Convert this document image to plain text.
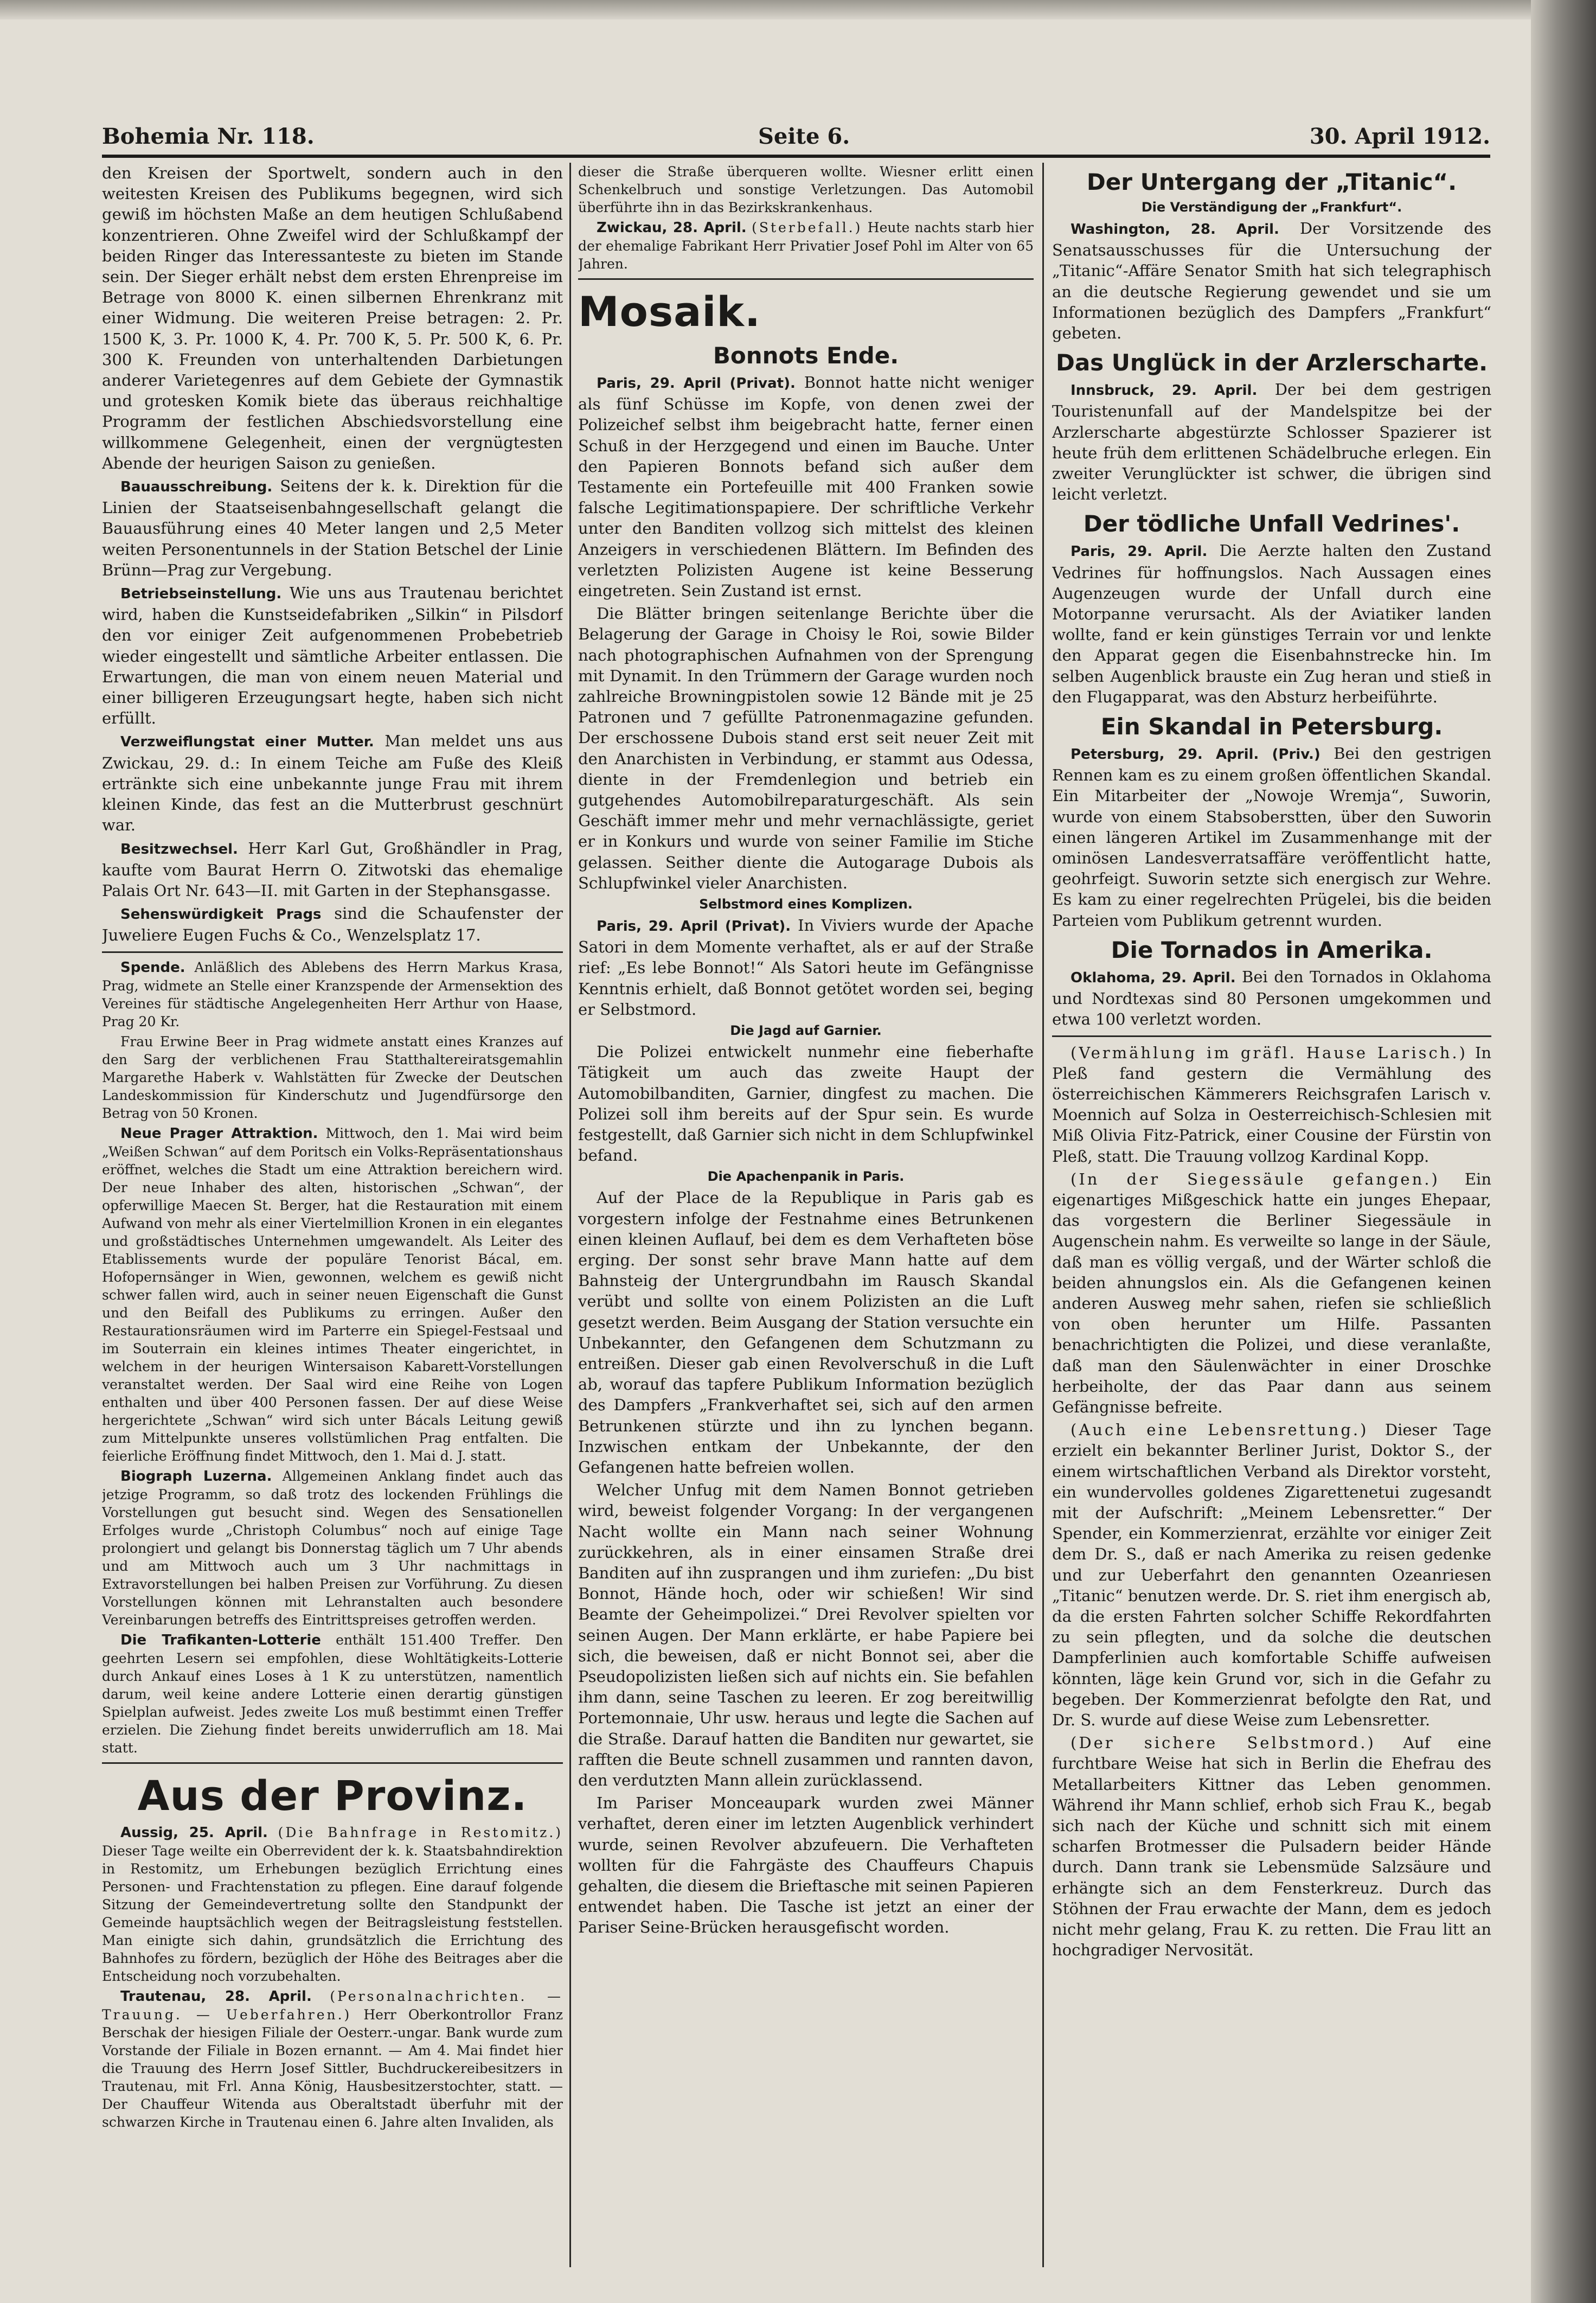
Bohemia Nr. 118.	Seite 6.	30. April 1912.

den Kreisen der Sportwelt, sondern auch in den weitesten Kreisen des Publikums begegnen, wird sich gewiß im höchsten Maße an dem heutigen Schlußabend konzentrieren. Ohne Zweifel wird der Schlußkampf der beiden Ringer das Interessanteste zu bieten im Stande sein. Der Sieger erhält nebst dem ersten Ehrenpreise im Betrage von 8000 K. einen silbernen Ehrenkranz mit einer Widmung. Die weiteren Preise betragen: 2. Pr. 1500 K, 3. Pr. 1000 K, 4. Pr. 700 K, 5. Pr. 500 K, 6. Pr. 300 K. Freunden von unterhaltenden Darbietungen anderer Varietegenres auf dem Gebiete der Gymnastik und grotesken Komik biete das überaus reichhaltige Programm der festlichen Abschiedsvorstellung eine willkommene Gelegenheit, einen der vergnügtesten Abende der heurigen Saison zu genießen.

Bauausschreibung. Seitens der k. k. Direktion für die Linien der Staatseisenbahngesellschaft gelangt die Bauausführung eines 40 Meter langen und 2,5 Meter weiten Personentunnels in der Station Betschel der Linie Brünn—Prag zur Vergebung.

Betriebseinstellung. Wie uns aus Trautenau berichtet wird, haben die Kunstseidefabriken „Silkin“ in Pilsdorf den vor einiger Zeit aufgenommenen Probebetrieb wieder eingestellt und sämtliche Arbeiter entlassen. Die Erwartungen, die man von einem neuen Material und einer billigeren Erzeugungsart hegte, haben sich nicht erfüllt.

Verzweiflungstat einer Mutter. Man meldet uns aus Zwickau, 29. d.: In einem Teiche am Fuße des Kleiß ertränkte sich eine unbekannte junge Frau mit ihrem kleinen Kinde, das fest an die Mutterbrust geschnürt war.

Besitzwechsel. Herr Karl Gut, Großhändler in Prag, kaufte vom Baurat Herrn O. Zitwotski das ehemalige Palais Ort Nr. 643—II. mit Garten in der Stephansgasse.

Sehenswürdigkeit Prags sind die Schaufenster der Juweliere Eugen Fuchs & Co., Wenzelsplatz 17.

Spende. Anläßlich des Ablebens des Herrn Markus Krasa, Prag, widmete an Stelle einer Kranzspende der Armensektion des Vereines für städtische Angelegenheiten Herr Arthur von Haase, Prag 20 Kr.

Frau Erwine Beer in Prag widmete anstatt eines Kranzes auf den Sarg der verblichenen Frau Statthaltereiratsgemahlin Margarethe Haberk v. Wahlstätten für Zwecke der Deutschen Landeskommission für Kinderschutz und Jugendfürsorge den Betrag von 50 Kronen.

Neue Prager Attraktion. Mittwoch, den 1. Mai wird beim „Weißen Schwan“ auf dem Poritsch ein Volks-Repräsentationshaus eröffnet, welches die Stadt um eine Attraktion bereichern wird. Der neue Inhaber des alten, historischen „Schwan“, der opferwillige Maecen St. Berger, hat die Restauration mit einem Aufwand von mehr als einer Viertelmillion Kronen in ein elegantes und großstädtisches Unternehmen umgewandelt. Als Leiter des Etablissements wurde der populäre Tenorist Bácal, em. Hofopernsänger in Wien, gewonnen, welchem es gewiß nicht schwer fallen wird, auch in seiner neuen Eigenschaft die Gunst und den Beifall des Publikums zu erringen. Außer den Restaurationsräumen wird im Parterre ein Spiegel-Festsaal und im Souterrain ein kleines intimes Theater eingerichtet, in welchem in der heurigen Wintersaison Kabarett-Vorstellungen veranstaltet werden. Der Saal wird eine Reihe von Logen enthalten und über 400 Personen fassen. Der auf diese Weise hergerichtete „Schwan“ wird sich unter Bácals Leitung gewiß zum Mittelpunkte unseres vollstümlichen Prag entfalten. Die feierliche Eröffnung findet Mittwoch, den 1. Mai d. J. statt.

Biograph Luzerna. Allgemeinen Anklang findet auch das jetzige Programm, so daß trotz des lockenden Frühlings die Vorstellungen gut besucht sind. Wegen des Sensationellen Erfolges wurde „Christoph Columbus“ noch auf einige Tage prolongiert und gelangt bis Donnerstag täglich um 7 Uhr abends und am Mittwoch auch um 3 Uhr nachmittags in Extravorstellungen bei halben Preisen zur Vorführung. Zu diesen Vorstellungen können mit Lehranstalten auch besondere Vereinbarungen betreffs des Eintrittspreises getroffen werden.

Die Trafikanten-Lotterie enthält 151.400 Treffer. Den geehrten Lesern sei empfohlen, diese Wohltätigkeits-Lotterie durch Ankauf eines Loses à 1 K zu unterstützen, namentlich darum, weil keine andere Lotterie einen derartig günstigen Spielplan aufweist. Jedes zweite Los muß bestimmt einen Treffer erzielen. Die Ziehung findet bereits unwiderruflich am 18. Mai statt.

Aus der Provinz.

Aussig, 25. April. (Die Bahnfrage in Restomitz.) Dieser Tage weilte ein Oberrevident der k. k. Staatsbahndirektion in Restomitz, um Erhebungen bezüglich Errichtung eines Personen- und Frachtenstation zu pflegen. Eine darauf folgende Sitzung der Gemeindevertretung sollte den Standpunkt der Gemeinde hauptsächlich wegen der Beitragsleistung feststellen. Man einigte sich dahin, grundsätzlich die Errichtung des Bahnhofes zu fördern, bezüglich der Höhe des Beitrages aber die Entscheidung noch vorzubehalten.

Trautenau, 28. April. (Personalnachrichten. — Trauung. — Ueberfahren.) Herr Oberkontrollor Franz Berschak der hiesigen Filiale der Oesterr.-ungar. Bank wurde zum Vorstande der Filiale in Bozen ernannt. — Am 4. Mai findet hier die Trauung des Herrn Josef Sittler, Buchdruckereibesitzers in Trautenau, mit Frl. Anna König, Hausbesitzerstochter, statt. — Der Chauffeur Witenda aus Oberaltstadt überfuhr mit der schwarzen Kirche in Trautenau einen 6. Jahre alten Invaliden, als

dieser die Straße überqueren wollte. Wiesner erlitt einen Schenkelbruch und sonstige Verletzungen. Das Automobil überführte ihn in das Bezirkskrankenhaus.

Zwickau, 28. April. (Sterbefall.) Heute nachts starb hier der ehemalige Fabrikant Herr Privatier Josef Pohl im Alter von 65 Jahren.

Mosaik.
Bonnots Ende.

Paris, 29. April (Privat). Bonnot hatte nicht weniger als fünf Schüsse im Kopfe, von denen zwei der Polizeichef selbst ihm beigebracht hatte, ferner einen Schuß in der Herzgegend und einen im Bauche. Unter den Papieren Bonnots befand sich außer dem Testamente ein Portefeuille mit 400 Franken sowie falsche Legitimationspapiere. Der schriftliche Verkehr unter den Banditen vollzog sich mittelst des kleinen Anzeigers in verschiedenen Blättern. Im Befinden des verletzten Polizisten Augene ist keine Besserung eingetreten. Sein Zustand ist ernst.

Die Blätter bringen seitenlange Berichte über die Belagerung der Garage in Choisy le Roi, sowie Bilder nach photographischen Aufnahmen von der Sprengung mit Dynamit. In den Trümmern der Garage wurden noch zahlreiche Browningpistolen sowie 12 Bände mit je 25 Patronen und 7 gefüllte Patronenmagazine gefunden. Der erschossene Dubois stand erst seit neuer Zeit mit den Anarchisten in Verbindung, er stammt aus Odessa, diente in der Fremdenlegion und betrieb ein gutgehendes Automobilreparaturgeschäft. Als sein Geschäft immer mehr und mehr vernachlässigte, geriet er in Konkurs und wurde von seiner Familie im Stiche gelassen. Seither diente die Autogarage Dubois als Schlupfwinkel vieler Anarchisten.

Selbstmord eines Komplizen.

Paris, 29. April (Privat). In Viviers wurde der Apache Satori in dem Momente verhaftet, als er auf der Straße rief: „Es lebe Bonnot!“ Als Satori heute im Gefängnisse Kenntnis erhielt, daß Bonnot getötet worden sei, beging er Selbstmord.

Die Jagd auf Garnier.

Die Polizei entwickelt nunmehr eine fieberhafte Tätigkeit um auch das zweite Haupt der Automobilbanditen, Garnier, dingfest zu machen. Die Polizei soll ihm bereits auf der Spur sein. Es wurde festgestellt, daß Garnier sich nicht in dem Schlupfwinkel befand.

Die Apachenpanik in Paris.

Auf der Place de la Republique in Paris gab es vorgestern infolge der Festnahme eines Betrunkenen einen kleinen Auflauf, bei dem es dem Verhafteten böse erging. Der sonst sehr brave Mann hatte auf dem Bahnsteig der Untergrundbahn im Rausch Skandal verübt und sollte von einem Polizisten an die Luft gesetzt werden. Beim Ausgang der Station versuchte ein Unbekannter, den Gefangenen dem Schutzmann zu entreißen. Dieser gab einen Revolverschuß in die Luft ab, worauf das tapfere Publikum Information bezüglich des Dampfers „Frankverhaftet sei, sich auf den armen Betrunkenen stürzte und ihn zu lynchen begann. Inzwischen entkam der Unbekannte, der den Gefangenen hatte befreien wollen.

Welcher Unfug mit dem Namen Bonnot getrieben wird, beweist folgender Vorgang: In der vergangenen Nacht wollte ein Mann nach seiner Wohnung zurückkehren, als in einer einsamen Straße drei Banditen auf ihn zusprangen und ihm zuriefen: „Du bist Bonnot, Hände hoch, oder wir schießen! Wir sind Beamte der Geheimpolizei.“ Drei Revolver spielten vor seinen Augen. Der Mann erklärte, er habe Papiere bei sich, die beweisen, daß er nicht Bonnot sei, aber die Pseudopolizisten ließen sich auf nichts ein. Sie befahlen ihm dann, seine Taschen zu leeren. Er zog bereitwillig Portemonnaie, Uhr usw. heraus und legte die Sachen auf die Straße. Darauf hatten die Banditen nur gewartet, sie rafften die Beute schnell zusammen und rannten davon, den verdutzten Mann allein zurücklassend.

Im Pariser Monceaupark wurden zwei Männer verhaftet, deren einer im letzten Augenblick verhindert wurde, seinen Revolver abzufeuern. Die Verhafteten wollten für die Fahrgäste des Chauffeurs Chapuis gehalten, die diesem die Brieftasche mit seinen Papieren entwendet haben. Die Tasche ist jetzt an einer der Pariser Seine-Brücken herausgefischt worden.

Der Untergang der „Titanic“.
Die Verständigung der „Frankfurt“.

Washington, 28. April. Der Vorsitzende des Senatsausschusses für die Untersuchung der „Titanic“-Affäre Senator Smith hat sich telegraphisch an die deutsche Regierung gewendet und sie um Informationen bezüglich des Dampfers „Frankfurt“ gebeten.

Das Unglück in der Arzlerscharte.

Innsbruck, 29. April. Der bei dem gestrigen Touristenunfall auf der Mandelspitze bei der Arzlerscharte abgestürzte Schlosser Spazierer ist heute früh dem erlittenen Schädelbruche erlegen. Ein zweiter Verunglückter ist schwer, die übrigen sind leicht verletzt.

Der tödliche Unfall Vedrines'.

Paris, 29. April. Die Aerzte halten den Zustand Vedrines für hoffnungslos. Nach Aussagen eines Augenzeugen wurde der Unfall durch eine Motorpanne verursacht. Als der Aviatiker landen wollte, fand er kein günstiges Terrain vor und lenkte den Apparat gegen die Eisenbahnstrecke hin. Im selben Augenblick brauste ein Zug heran und stieß in den Flugapparat, was den Absturz herbeiführte.

Ein Skandal in Petersburg.

Petersburg, 29. April. (Priv.) Bei den gestrigen Rennen kam es zu einem großen öffentlichen Skandal. Ein Mitarbeiter der „Nowoje Wremja“, Suworin, wurde von einem Stabsoberstten, über den Suworin einen längeren Artikel im Zusammenhange mit der ominösen Landesverratsaffäre veröffentlicht hatte, geohrfeigt. Suworin setzte sich energisch zur Wehre. Es kam zu einer regelrechten Prügelei, bis die beiden Parteien vom Publikum getrennt wurden.

Die Tornados in Amerika.

Oklahoma, 29. April. Bei den Tornados in Oklahoma und Nordtexas sind 80 Personen umgekommen und etwa 100 verletzt worden.

(Vermählung im gräfl. Hause Larisch.) In Pleß fand gestern die Vermählung des österreichischen Kämmerers Reichsgrafen Larisch v. Moennich auf Solza in Oesterreichisch-Schlesien mit Miß Olivia Fitz-Patrick, einer Cousine der Fürstin von Pleß, statt. Die Trauung vollzog Kardinal Kopp.

(In der Siegessäule gefangen.) Ein eigenartiges Mißgeschick hatte ein junges Ehepaar, das vorgestern die Berliner Siegessäule in Augenschein nahm. Es verweilte so lange in der Säule, daß man es völlig vergaß, und der Wärter schloß die beiden ahnungslos ein. Als die Gefangenen keinen anderen Ausweg mehr sahen, riefen sie schließlich von oben herunter um Hilfe. Passanten benachrichtigten die Polizei, und diese veranlaßte, daß man den Säulenwächter in einer Droschke herbeiholte, der das Paar dann aus seinem Gefängnisse befreite.

(Auch eine Lebensrettung.) Dieser Tage erzielt ein bekannter Berliner Jurist, Doktor S., der einem wirtschaftlichen Verband als Direktor vorsteht, ein wundervolles goldenes Zigarettenetui zugesandt mit der Aufschrift: „Meinem Lebensretter.“ Der Spender, ein Kommerzienrat, erzählte vor einiger Zeit dem Dr. S., daß er nach Amerika zu reisen gedenke und zur Ueberfahrt den genannten Ozeanriesen „Titanic“ benutzen werde. Dr. S. riet ihm energisch ab, da die ersten Fahrten solcher Schiffe Rekordfahrten zu sein pflegten, und da solche die deutschen Dampferlinien auch komfortable Schiffe aufweisen könnten, läge kein Grund vor, sich in die Gefahr zu begeben. Der Kommerzienrat befolgte den Rat, und Dr. S. wurde auf diese Weise zum Lebensretter.

(Der sichere Selbstmord.) Auf eine furchtbare Weise hat sich in Berlin die Ehefrau des Metallarbeiters Kittner das Leben genommen. Während ihr Mann schlief, erhob sich Frau K., begab sich nach der Küche und schnitt sich mit einem scharfen Brotmesser die Pulsadern beider Hände durch. Dann trank sie Lebensmüde Salzsäure und erhängte sich an dem Fensterkreuz. Durch das Stöhnen der Frau erwachte der Mann, dem es jedoch nicht mehr gelang, Frau K. zu retten. Die Frau litt an hochgradiger Nervosität.
